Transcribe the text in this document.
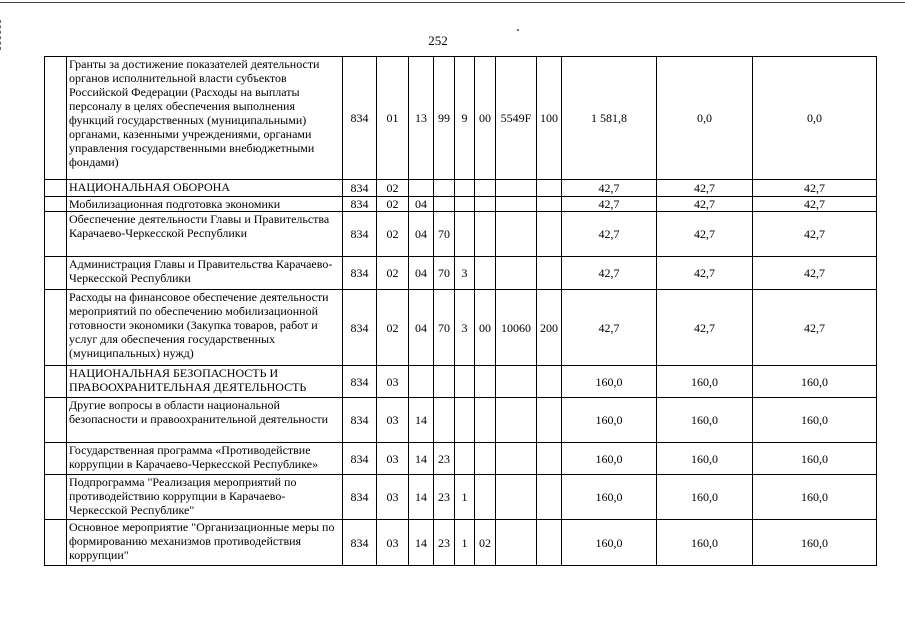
252
	Гранты за достижение показателей деятельности органов исполнительной власти субъектов Российской Федерации (Расходы на выплаты персоналу в целях обеспечения выполнения функций государственных (муниципальными) органами, казенными учреждениями, органами управления государственными внебюджетными фондами)	834	01	13	99	9	00	5549F	100	1 581,8	0,0	0,0
	НАЦИОНАЛЬНАЯ ОБОРОНА	834	02							42,7	42,7	42,7
	Мобилизационная подготовка экономики	834	02	04						42,7	42,7	42,7
	Обеспечение деятельности Главы и Правительства Карачаево-Черкесской Республики	834	02	04	70					42,7	42,7	42,7
	Администрация Главы и Правительства Карачаево-Черкесской Республики	834	02	04	70	3				42,7	42,7	42,7
	Расходы на финансовое обеспечение деятельности мероприятий по обеспечению мобилизационной готовности экономики (Закупка товаров, работ и услуг для обеспечения государственных (муниципальных) нужд)	834	02	04	70	3	00	10060	200	42,7	42,7	42,7
	НАЦИОНАЛЬНАЯ БЕЗОПАСНОСТЬ И ПРАВООХРАНИТЕЛЬНАЯ ДЕЯТЕЛЬНОСТЬ	834	03							160,0	160,0	160,0
	Другие вопросы в области национальной безопасности и правоохранительной деятельности	834	03	14						160,0	160,0	160,0
	Государственная программа «Противодействие коррупции в Карачаево-Черкесской Республике»	834	03	14	23					160,0	160,0	160,0
	Подпрограмма "Реализация мероприятий по противодействию коррупции в Карачаево-Черкесской Республике"	834	03	14	23	1				160,0	160,0	160,0
	Основное мероприятие "Организационные меры по формированию механизмов противодействия коррупции"	834	03	14	23	1	02			160,0	160,0	160,0
